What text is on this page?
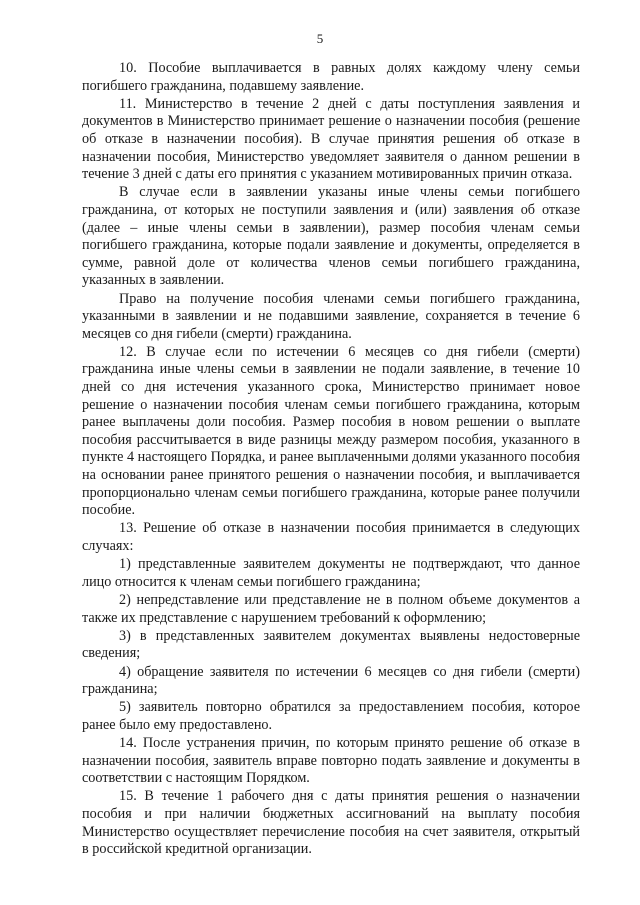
5

10. Пособие выплачивается в равных долях каждому члену семьи погибшего гражданина, подавшему заявление.

11. Министерство в течение 2 дней с даты поступления заявления и документов в Министерство принимает решение о назначении пособия (решение об отказе в назначении пособия). В случае принятия решения об отказе в назначении пособия, Министерство уведомляет заявителя о данном решении в течение 3 дней с даты его принятия с указанием мотивированных причин отказа.

В случае если в заявлении указаны иные члены семьи погибшего гражданина, от которых не поступили заявления и (или) заявления об отказе (далее – иные члены семьи в заявлении), размер пособия членам семьи погибшего гражданина, которые подали заявление и документы, определяется в сумме, равной доле от количества членов семьи погибшего гражданина, указанных в заявлении.

Право на получение пособия членами семьи погибшего гражданина, указанными в заявлении и не подавшими заявление, сохраняется в течение 6 месяцев со дня гибели (смерти) гражданина.

12. В случае если по истечении 6 месяцев со дня гибели (смерти) гражданина иные члены семьи в заявлении не подали заявление, в течение 10 дней со дня истечения указанного срока, Министерство принимает новое решение о назначении пособия членам семьи погибшего гражданина, которым ранее выплачены доли пособия. Размер пособия в новом решении о выплате пособия рассчитывается в виде разницы между размером пособия, указанного в пункте 4 настоящего Порядка, и ранее выплаченными долями указанного пособия на основании ранее принятого решения о назначении пособия, и выплачивается пропорционально членам семьи погибшего гражданина, которые ранее получили пособие.

13. Решение об отказе в назначении пособия принимается в следующих случаях:

1) представленные заявителем документы не подтверждают, что данное лицо относится к членам семьи погибшего гражданина;

2) непредставление или представление не в полном объеме документов а также их представление с нарушением требований к оформлению;

3) в представленных заявителем документах выявлены недостоверные сведения;

4) обращение заявителя по истечении 6 месяцев со дня гибели (смерти) гражданина;

5) заявитель повторно обратился за предоставлением пособия, которое ранее было ему предоставлено.

14. После устранения причин, по которым принято решение об отказе в назначении пособия, заявитель вправе повторно подать заявление и документы в соответствии с настоящим Порядком.

15. В течение 1 рабочего дня с даты принятия решения о назначении пособия и при наличии бюджетных ассигнований на выплату пособия Министерство осуществляет перечисление пособия на счет заявителя, открытый в российской кредитной организации.
